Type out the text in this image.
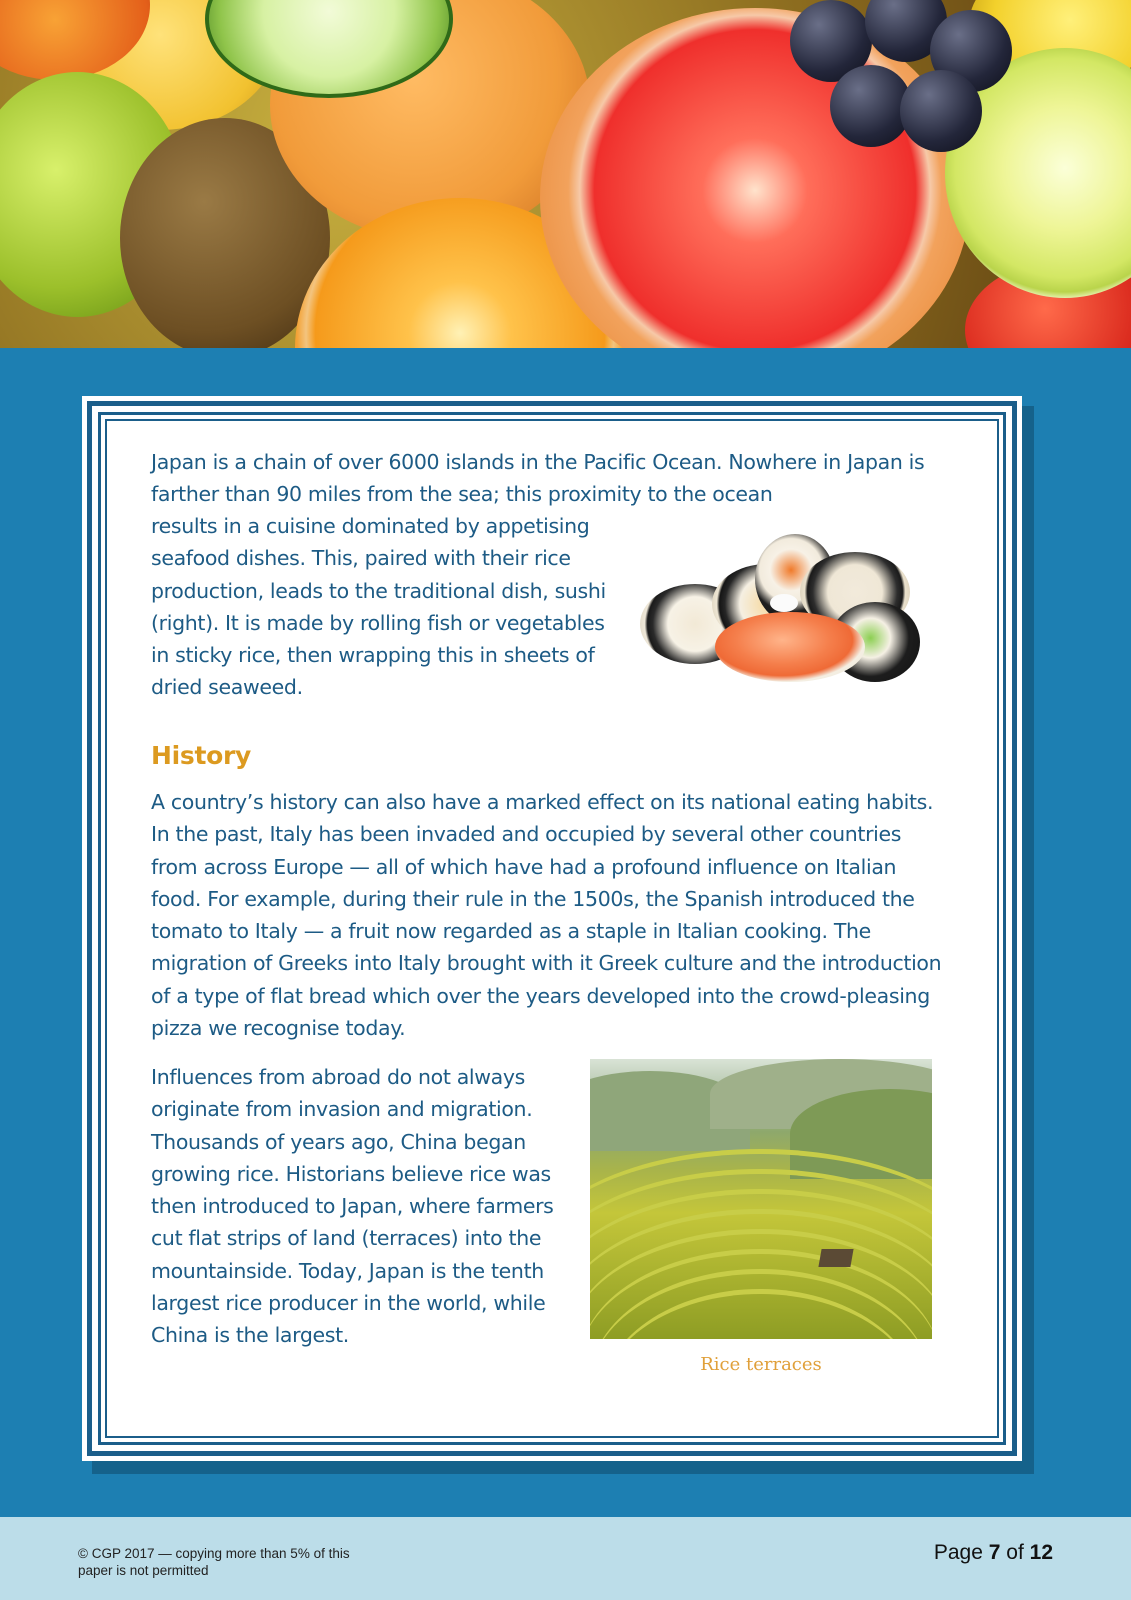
Japan is a chain of over 6000 islands in the Pacific Ocean. Nowhere in Japan is farther than 90 miles from the sea; this proximity to the ocean

results in a cuisine dominated by appetising seafood dishes. This, paired with their rice production, leads to the traditional dish, sushi (right). It is made by rolling fish or vegetables in sticky rice, then wrapping this in sheets of dried seaweed.

History

A country’s history can also have a marked effect on its national eating habits. In the past, Italy has been invaded and occupied by several other countries from across Europe — all of which have had a profound influence on Italian food. For example, during their rule in the 1500s, the Spanish introduced the tomato to Italy — a fruit now regarded as a staple in Italian cooking. The migration of Greeks into Italy brought with it Greek culture and the introduction of a type of flat bread which over the years developed into the crowd-pleasing pizza we recognise today.

Influences from abroad do not always originate from invasion and migration. Thousands of years ago, China began growing rice. Historians believe rice was then introduced to Japan, where farmers cut flat strips of land (terraces) into the mountainside. Today, Japan is the tenth largest rice producer in the world, while China is the largest.

Rice terraces

© CGP 2017 — copying more than 5% of this paper is not permitted

Page 7 of 12
